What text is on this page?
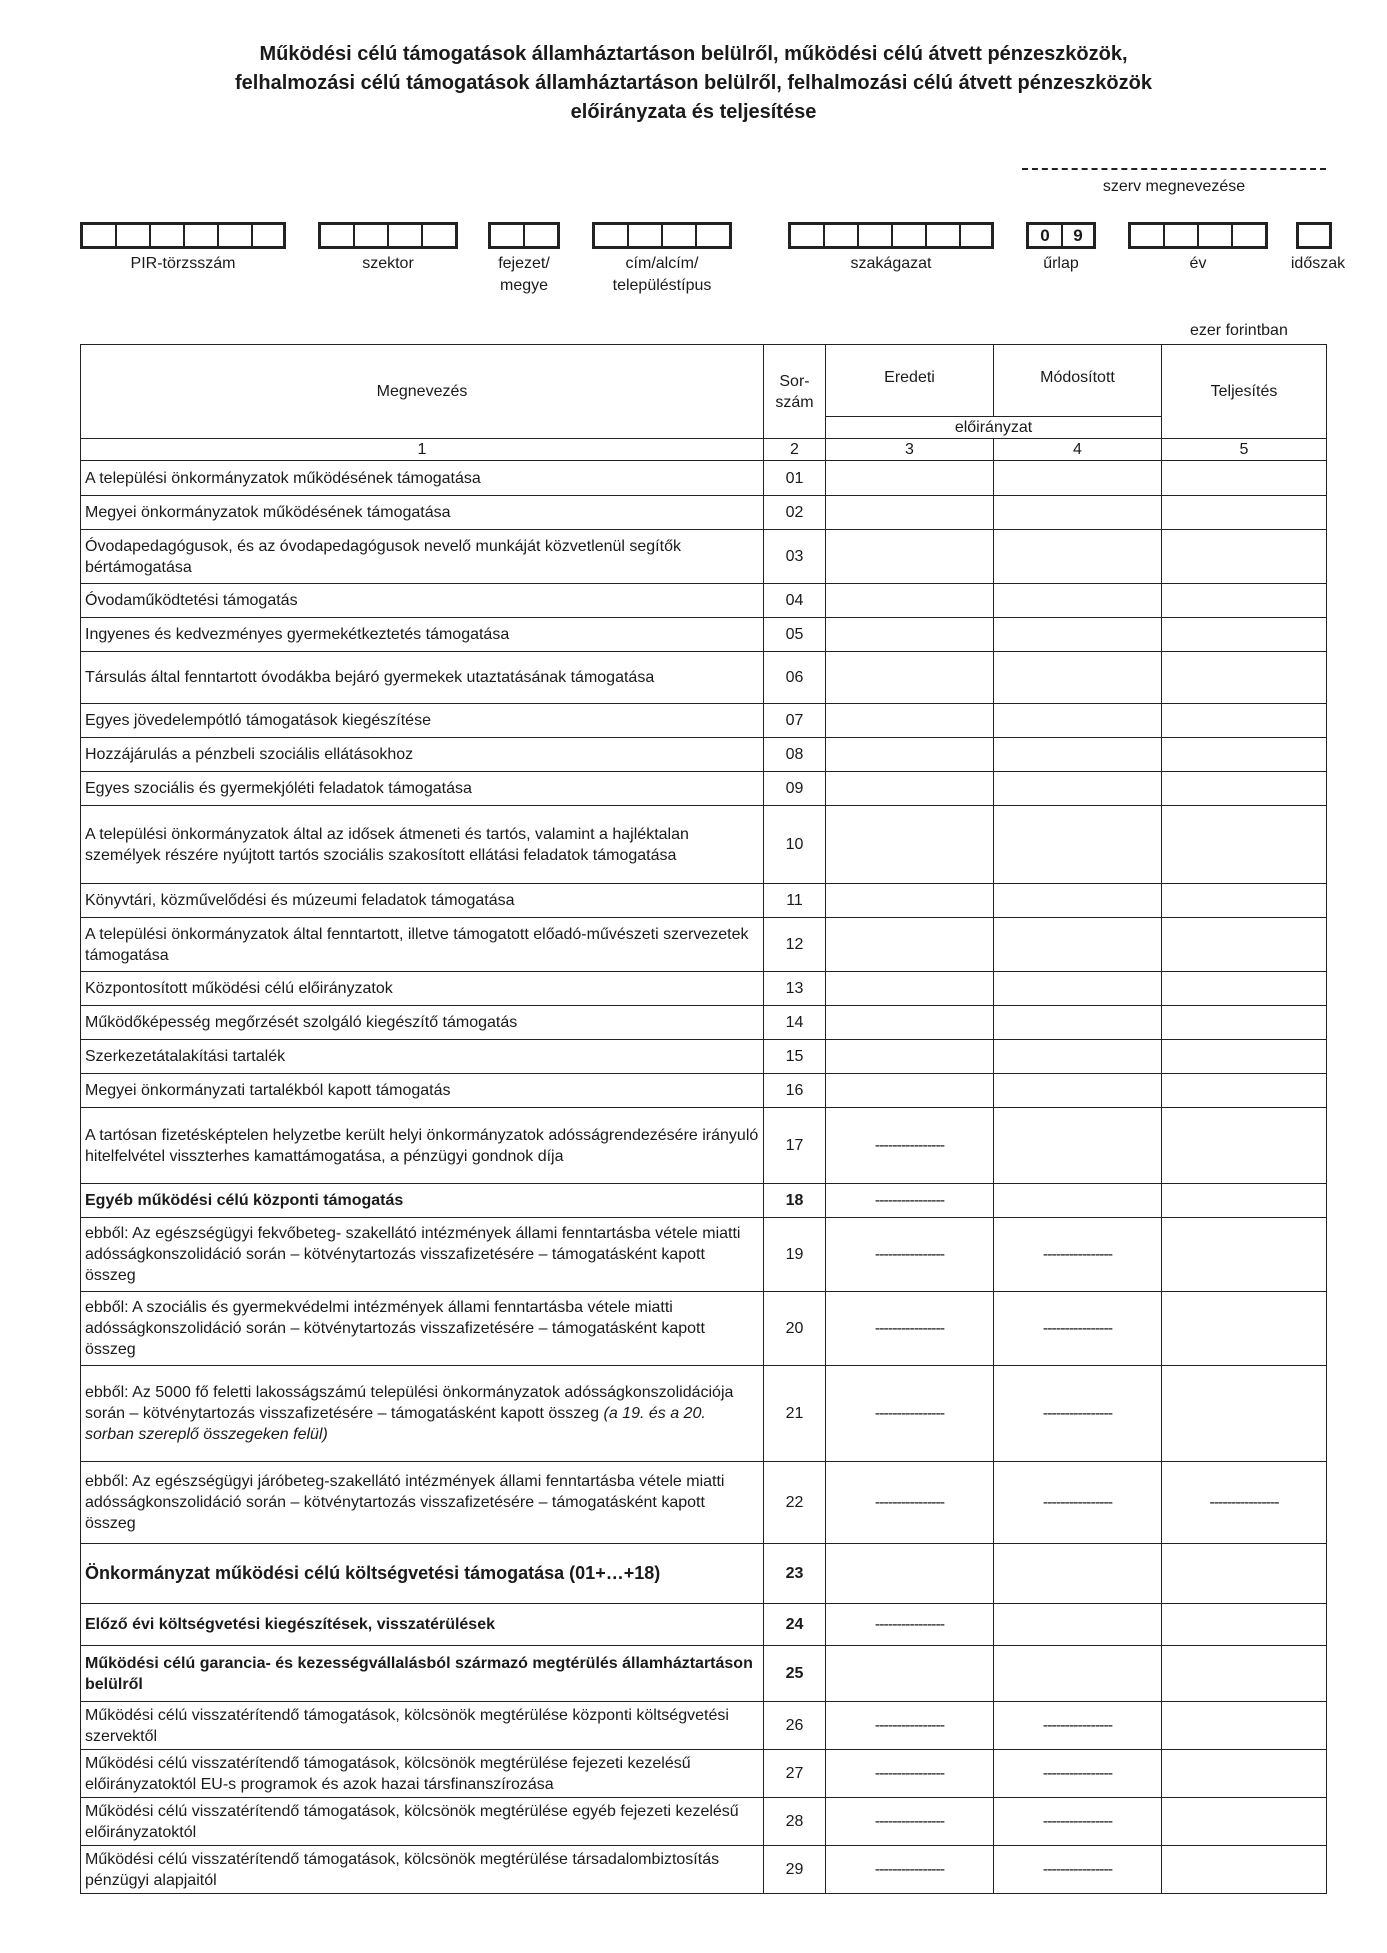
Működési célú támogatások államháztartáson belülről, működési célú átvett pénzeszközök,
felhalmozási célú támogatások államháztartáson belülről, felhalmozási célú átvett pénzeszközök
előirányzata és teljesítése
szerv megnevezése
PIR-törzsszám	szektor	fejezet/
megye
cím/alcím/
településtípus
szakágazat
0	9
űrlap	év	időszak
ezer forintban
Megnevezés	Sor-
szám	Eredeti	Módosított	Teljesítés
		előirányzat		
1	2	3	4	5
A települési önkormányzatok működésének támogatása	01			
Megyei önkormányzatok működésének támogatása	02			
Óvodapedagógusok, és az óvodapedagógusok nevelő munkáját közvetlenül segítők bértámogatása	03			
Óvodaműködtetési támogatás	04			
Ingyenes és kedvezményes gyermekétkeztetés támogatása	05			
Társulás által fenntartott óvodákba bejáró gyermekek utaztatásának támogatása	06			
Egyes jövedelempótló támogatások kiegészítése	07			
Hozzájárulás a pénzbeli szociális ellátásokhoz	08			
Egyes szociális és gyermekjóléti feladatok támogatása	09			
A települési önkormányzatok által az idősek átmeneti és tartós, valamint a hajléktalan személyek részére nyújtott tartós szociális szakosított ellátási feladatok támogatása	10			
Könyvtári, közművelődési és múzeumi feladatok támogatása	11			
A települési önkormányzatok által fenntartott, illetve támogatott előadó-művészeti szervezetek támogatása	12			
Központosított működési célú előirányzatok	13			
Működőképesség megőrzését szolgáló kiegészítő támogatás	14			
Szerkezetátalakítási tartalék	15			
Megyei önkormányzati tartalékból kapott támogatás	16			
A tartósan fizetésképtelen helyzetbe került helyi önkormányzatok adósságrendezésére irányuló hitelfelvétel visszterhes kamattámogatása, a pénzügyi gondnok díja	17	----------------		
Egyéb működési célú központi támogatás	18	----------------		
ebből: Az egészségügyi fekvőbeteg- szakellátó intézmények állami fenntartásba vétele miatti adósságkonszolidáció során – kötvénytartozás visszafizetésére – támogatásként kapott összeg	19	----------------	----------------	
ebből: A szociális és gyermekvédelmi intézmények állami fenntartásba vétele miatti adósságkonszolidáció során – kötvénytartozás visszafizetésére – támogatásként kapott összeg	20	----------------	----------------	
ebből: Az 5000 fő feletti lakosságszámú települési önkormányzatok adósságkonszolidációja során – kötvénytartozás visszafizetésére – támogatásként kapott összeg (a 19. és a 20. sorban szereplő összegeken felül)	21	----------------	----------------	
ebből: Az egészségügyi járóbeteg-szakellátó intézmények állami fenntartásba vétele miatti adósságkonszolidáció során – kötvénytartozás visszafizetésére – támogatásként kapott összeg	22	----------------	----------------	----------------
Önkormányzat működési célú költségvetési támogatása (01+…+18)	23			
Előző évi költségvetési kiegészítések, visszatérülések	24	----------------		
Működési célú garancia- és kezességvállalásból származó megtérülés államháztartáson belülről	25			
Működési célú visszatérítendő támogatások, kölcsönök megtérülése központi költségvetési szervektől	26	----------------	----------------	
Működési célú visszatérítendő támogatások, kölcsönök megtérülése fejezeti kezelésű előirányzatoktól EU-s programok és azok hazai társfinanszírozása	27	----------------	----------------	
Működési célú visszatérítendő támogatások, kölcsönök megtérülése egyéb fejezeti kezelésű előirányzatoktól	28	----------------	----------------	
Működési célú visszatérítendő támogatások, kölcsönök megtérülése társadalombiztosítás pénzügyi alapjaitól	29	----------------	----------------	
